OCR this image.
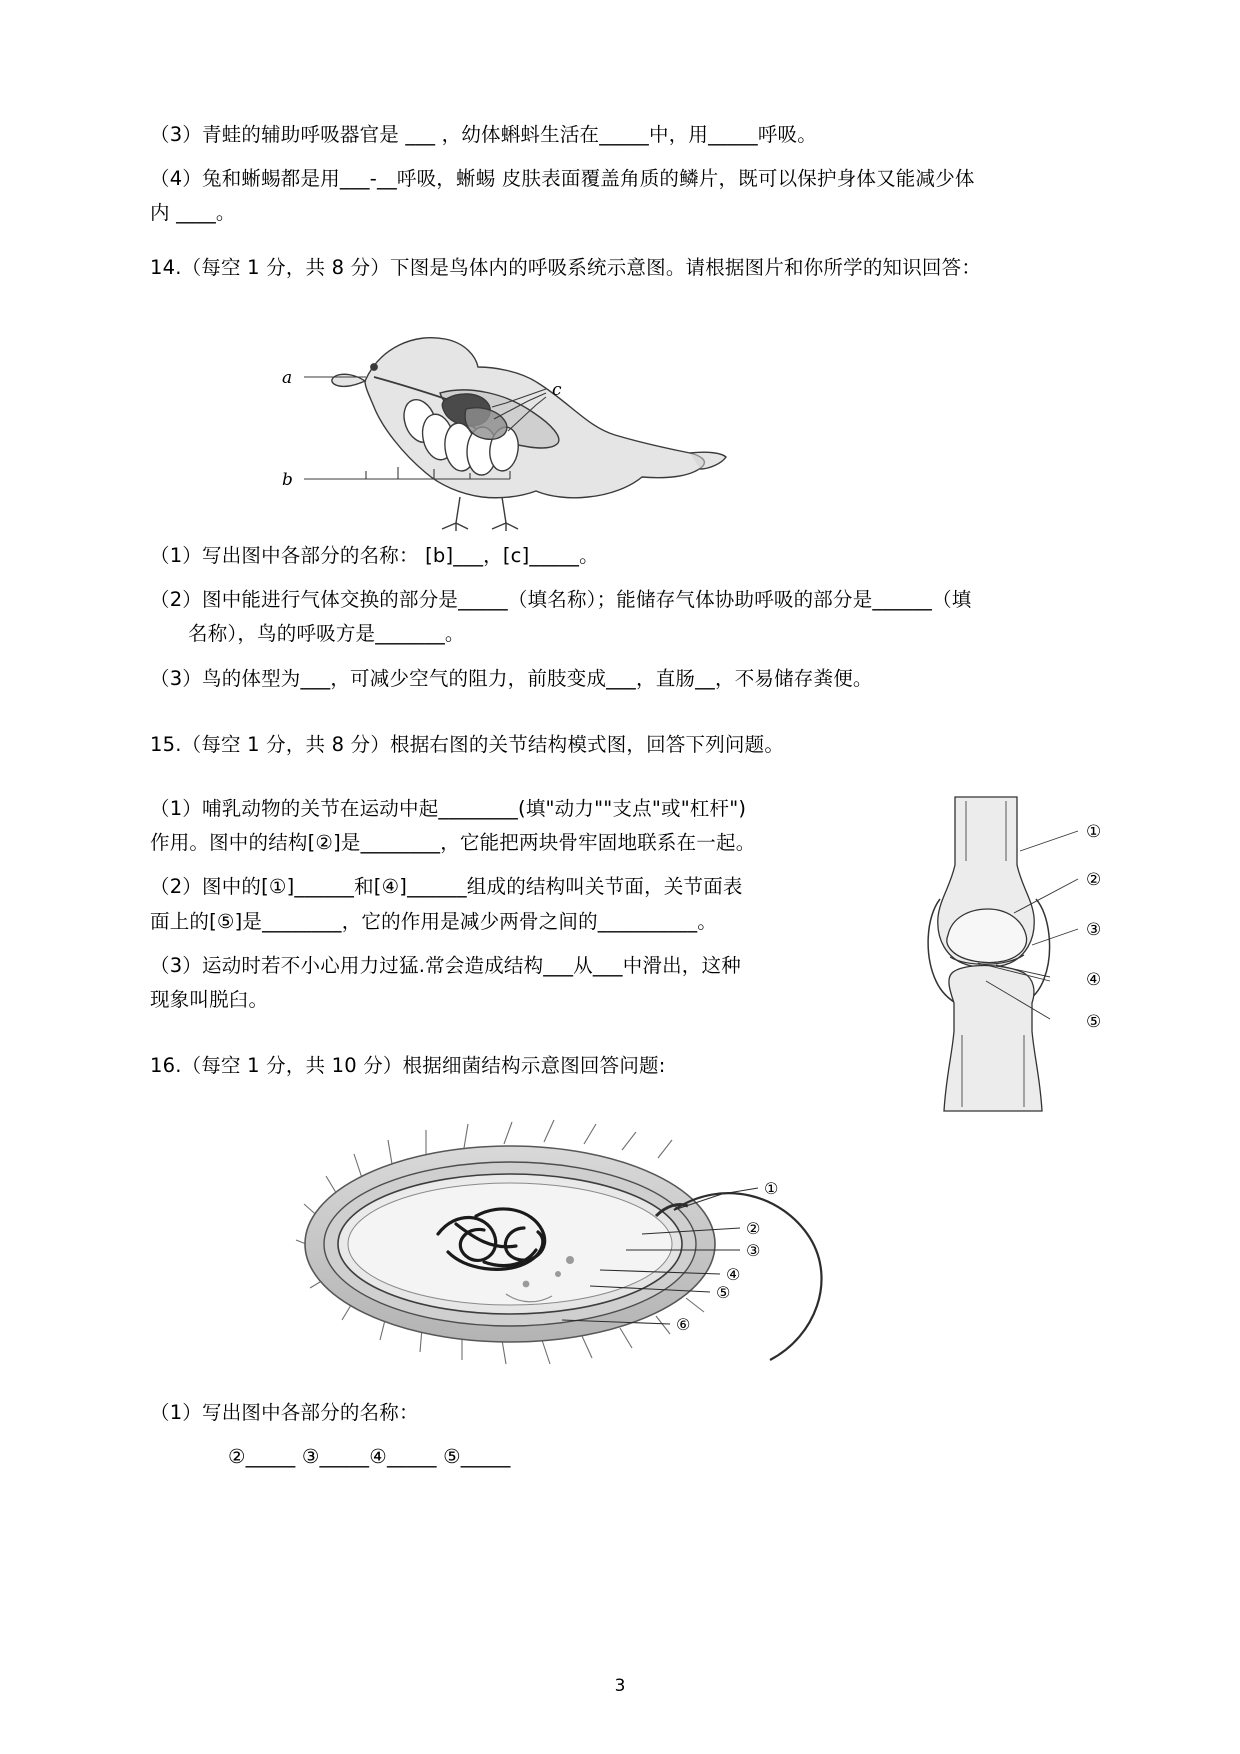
（3）青蛙的辅助呼吸器官是 ___ ，幼体蝌蚪生活在_____中，用_____呼吸。

（4）兔和蜥蜴都是用___-__呼吸，蜥蜴 皮肤表面覆盖角质的鳞片，既可以保护身体又能减少体

内 ____。

14.（每空 1 分，共 8 分）下图是鸟体内的呼吸系统示意图。请根据图片和你所学的知识回答：

a
b
c

（1）写出图中各部分的名称： [b]___，[c]_____。

（2）图中能进行气体交换的部分是_____（填名称）；能储存气体协助呼吸的部分是______（填

名称），鸟的呼吸方是_______。

（3）鸟的体型为___，可减少空气的阻力，前肢变成___，直肠__，不易储存粪便。

15.（每空 1 分，共 8 分）根据右图的关节结构模式图，回答下列问题。

（1）哺乳动物的关节在运动中起________(填"动力""支点"或"杠杆")

作用。图中的结构[②]是________，它能把两块骨牢固地联系在一起。

（2）图中的[①]______和[④]______组成的结构叫关节面，关节面表

面上的[⑤]是________，它的作用是减少两骨之间的__________。

（3）运动时若不小心用力过猛.常会造成结构___从___中滑出，这种

现象叫脱臼。

①
②
③
④
⑤

16.（每空 1 分，共 10 分）根据细菌结构示意图回答问题:

①
②
③
④
⑤
⑥

（1）写出图中各部分的名称：

②_____ ③_____④_____ ⑤_____

3
